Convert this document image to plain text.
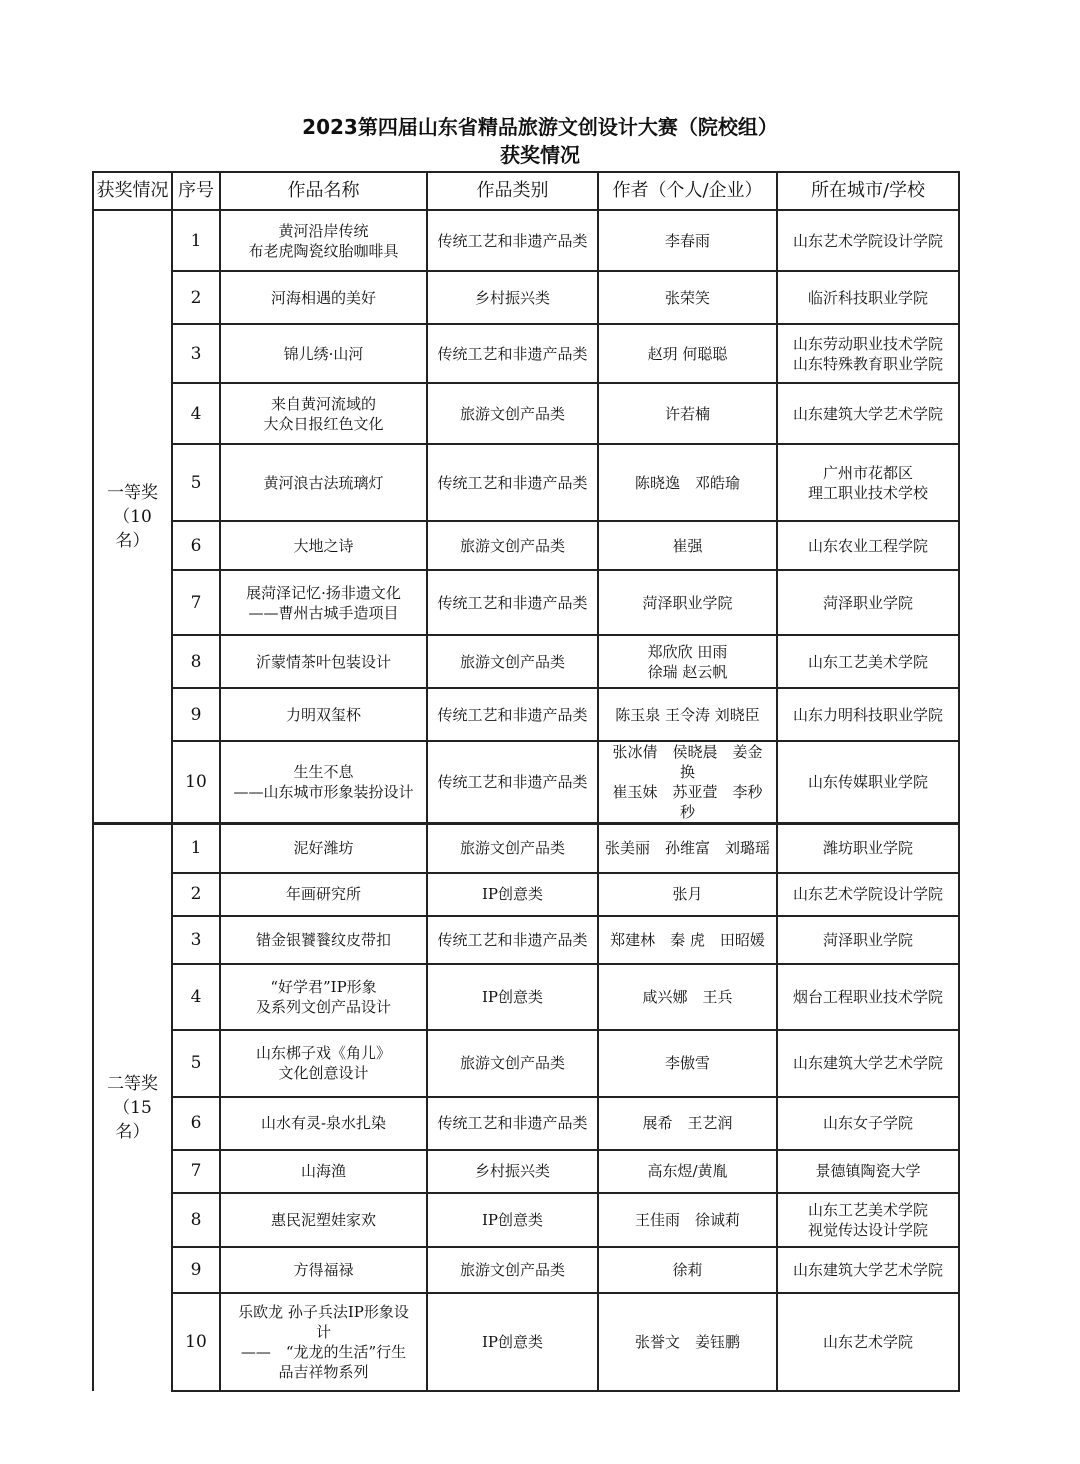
2023第四届山东省精品旅游文创设计大赛（院校组）
获奖情况
获奖情况	序号	作品名称	作品类别	作者（个人/企业）	所在城市/学校
一等奖
（10
名）	1	黄河沿岸传统
布老虎陶瓷纹胎咖啡具	传统工艺和非遗产品类	李春雨	山东艺术学院设计学院
	2	河海相遇的美好	乡村振兴类	张荣笑	临沂科技职业学院
	3	锦儿绣·山河	传统工艺和非遗产品类	赵玥 何聪聪	山东劳动职业技术学院
山东特殊教育职业学院
	4	来自黄河流域的
大众日报红色文化	旅游文创产品类	许若楠	山东建筑大学艺术学院
	5	黄河浪古法琉璃灯	传统工艺和非遗产品类	陈晓逸　邓皓瑜	广州市花都区
理工职业技术学校
	6	大地之诗	旅游文创产品类	崔强	山东农业工程学院
	7	展菏泽记忆·扬非遗文化
——曹州古城手造项目	传统工艺和非遗产品类	菏泽职业学院	菏泽职业学院
	8	沂蒙情茶叶包装设计	旅游文创产品类	郑欣欣 田雨
徐瑞 赵云帆	山东工艺美术学院
	9	力明双玺杯	传统工艺和非遗产品类	陈玉泉 王令涛 刘晓臣	山东力明科技职业学院
	10	生生不息
——山东城市形象装扮设计	传统工艺和非遗产品类	张冰倩　侯晓晨　姜金
换
崔玉妹　苏亚萱　李秒
秒	山东传媒职业学院
二等奖
（15
名）	1	泥好潍坊	旅游文创产品类	张美丽　孙维富　刘璐瑶	潍坊职业学院
	2	年画研究所	IP创意类	张月	山东艺术学院设计学院
	3	错金银饕餮纹皮带扣	传统工艺和非遗产品类	郑建林　秦 虎　田昭媛	菏泽职业学院
	4	“好学君”IP形象
及系列文创产品设计	IP创意类	咸兴娜　王兵	烟台工程职业技术学院
	5	山东梆子戏《角儿》
文化创意设计	旅游文创产品类	李傲雪	山东建筑大学艺术学院
	6	山水有灵-泉水扎染	传统工艺和非遗产品类	展希　王艺润	山东女子学院
	7	山海渔	乡村振兴类	高东煜/黄胤	景德镇陶瓷大学
	8	惠民泥塑娃家欢	IP创意类	王佳雨　徐诚莉	山东工艺美术学院
视觉传达设计学院
	9	方得福禄	旅游文创产品类	徐莉	山东建筑大学艺术学院
	10	乐欧龙 孙子兵法IP形象设
计
——　“龙龙的生活”行生
品吉祥物系列	IP创意类	张誉文　姜钰鹏	山东艺术学院
